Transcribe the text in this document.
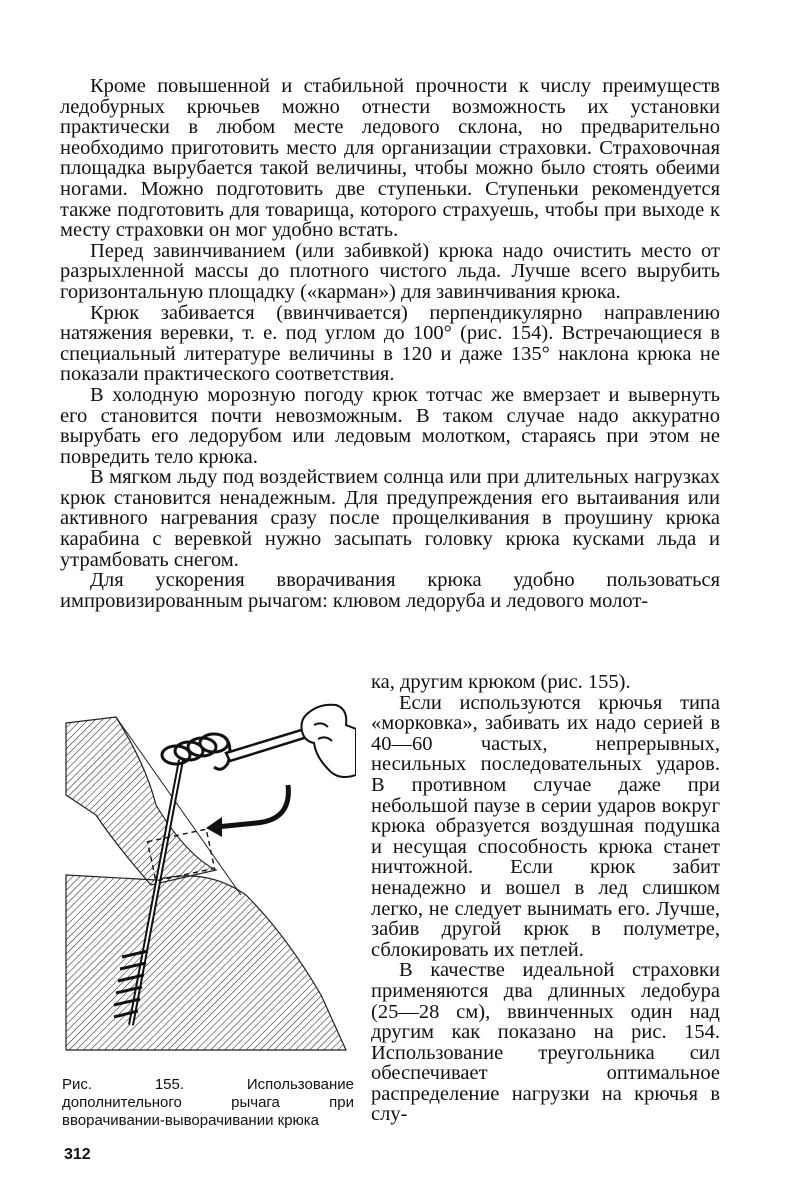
Кроме повышенной и стабильной прочности к числу преимуществ ледобурных крючьев можно отнести возможность их установки практически в любом месте ледового склона, но предварительно необходимо приготовить место для организации страховки. Страховочная площадка вырубается такой величины, чтобы можно было стоять обеими ногами. Можно подготовить две ступеньки. Ступеньки рекомендуется также подготовить для товарища, которого страхуешь, чтобы при выходе к месту страховки он мог удобно встать.

Перед завинчиванием (или забивкой) крюка надо очистить место от разрыхленной массы до плотного чистого льда. Лучше всего вырубить горизонтальную площадку («карман») для завинчивания крюка.

Крюк забивается (ввинчивается) перпендикулярно направлению натяжения веревки, т. е. под углом до 100° (рис. 154). Встречающиеся в специальный литературе величины в 120 и даже 135° наклона крюка не показали практического соответствия.

В холодную морозную погоду крюк тотчас же вмерзает и вывернуть его становится почти невозможным. В таком случае надо аккуратно вырубать его ледорубом или ледовым молотком, стараясь при этом не повредить тело крюка.

В мягком льду под воздействием солнца или при длительных нагрузках крюк становится ненадежным. Для предупреждения его вытаивания или активного нагревания сразу после прощелкивания в проушину крюка карабина с веревкой нужно засыпать головку крюка кусками льда и утрамбовать снегом.

Для ускорения вворачивания крюка удобно пользоваться импровизированным рычагом: клювом ледоруба и ледового молот-

ка, другим крюком (рис. 155).

Если используются крючья типа «морковка», забивать их надо серией в 40—60 частых, непрерывных, несильных последовательных ударов. В противном случае даже при небольшой паузе в серии ударов вокруг крюка образуется воздушная подушка и несущая способность крюка станет ничтожной. Если крюк забит ненадежно и вошел в лед слишком легко, не следует вынимать его. Лучше, забив другой крюк в полуметре, сблокировать их петлей.

В качестве идеальной страховки применяются два длинных ледобура (25—28 см), ввинченных один над другим как показано на рис. 154. Использование треугольника сил обеспечивает оптимальное распределение нагрузки на крючья в слу-

Рис. 155. Использование дополнительного рычага при вворачивании-выворачивании крюка
312
